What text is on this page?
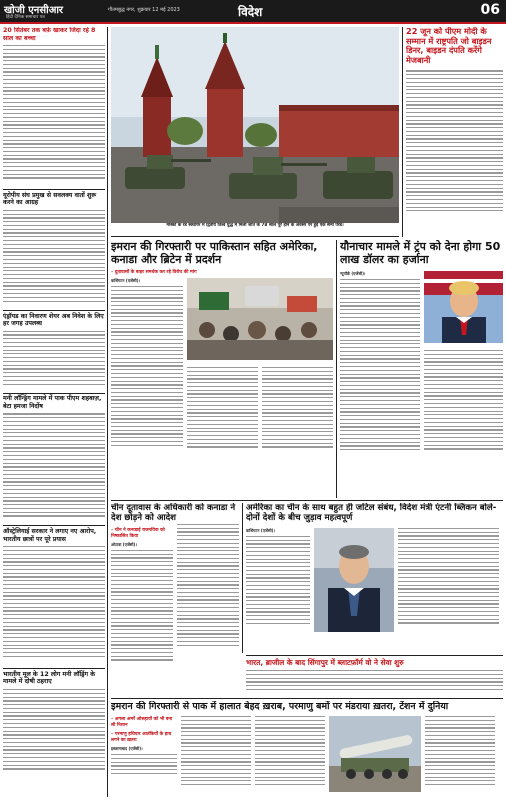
खोजी एनसीआर
हिंदी दैनिक समाचार पत्र
गौतमबुद्ध नगर, शुक्रवार 12 मई 2023	विदेश	06
20 सितंबर तक बर्फ़ खाकर जिंदा रहे 8 साल का बच्चा
यूरोपीय संघ प्रमुख से सवलक्य वातों शुरू करने का आग्रह
एंड्रॉयड का निवारण शेयर अब निवेश के लिए हर जगह उपलब्ध
मनी लॉन्ड्रिंग मामले में पाक पीएम शहबाज़, बेटा हमजा निर्दोष
ऑस्ट्रेलियाई सरकार ने लगाए नए आरोप, भारतीय छात्रों पर पूरे प्रयास
भारतीय मूल के 12 लोग मनी लॉड्रिंग के मामले में दोषी ठहराए
मास्को के रेड स्क्वायर में द्वितीय विश्व युद्ध में मिली जीत के 78 साल पूरे होने के अवसर पर हुई एक सैन्य परेड।
22 जून को पीएम मोदी के सम्मान में राष्ट्रपति जो बाइडन डिनर, बाइडन दंपति करेंगे मेजबानी
इमरान की गिरफ्तारी पर पाकिस्तान सहित अमेरिका, कनाडा और ब्रिटेन में प्रदर्शन
– दुतावासों के बाहर समर्थक कर रहे विरोध की मांग
वाशिंगटन (एजेंसी)।
यौनाचार मामले में ट्रंप को देना होगा 50 लाख डॉलर का हर्जाना
न्यूयॉर्क (एजेंसी)।
चीन दूतावास के अधिकारी को कनाडा ने देश छोड़ने को आदेश
– चीन ने कनाडाई राजनयिक को निष्कासित किया
ओटावा (एजेंसी)।
अमेरिका का चीन के साथ बहुत ही जटिल संबंध, विदेश मंत्री एंटनी ब्लिंकन बोले- दोनों देशों के बीच जुड़ाव महत्वपूर्ण
वाशिंगटन (एजेंसी)।
भारत, ब्राजील के बाद सिंगापुर में ब्लाटफ़ॉर्म वो ने सेवा शुरु
इमरान की गिरफ्तारी से पाक में हालात बेहद ख़राब, परमाणु बमों पर मंडराया ख़तरा, टेंशन में दुनिया
– अगला अमरें ओसहायों को भी बना सी निशान
– परमाणु हथियार आतंकियों के हाथ लगने का ख़तरा
इस्लामाबाद (एजेंसी)।
